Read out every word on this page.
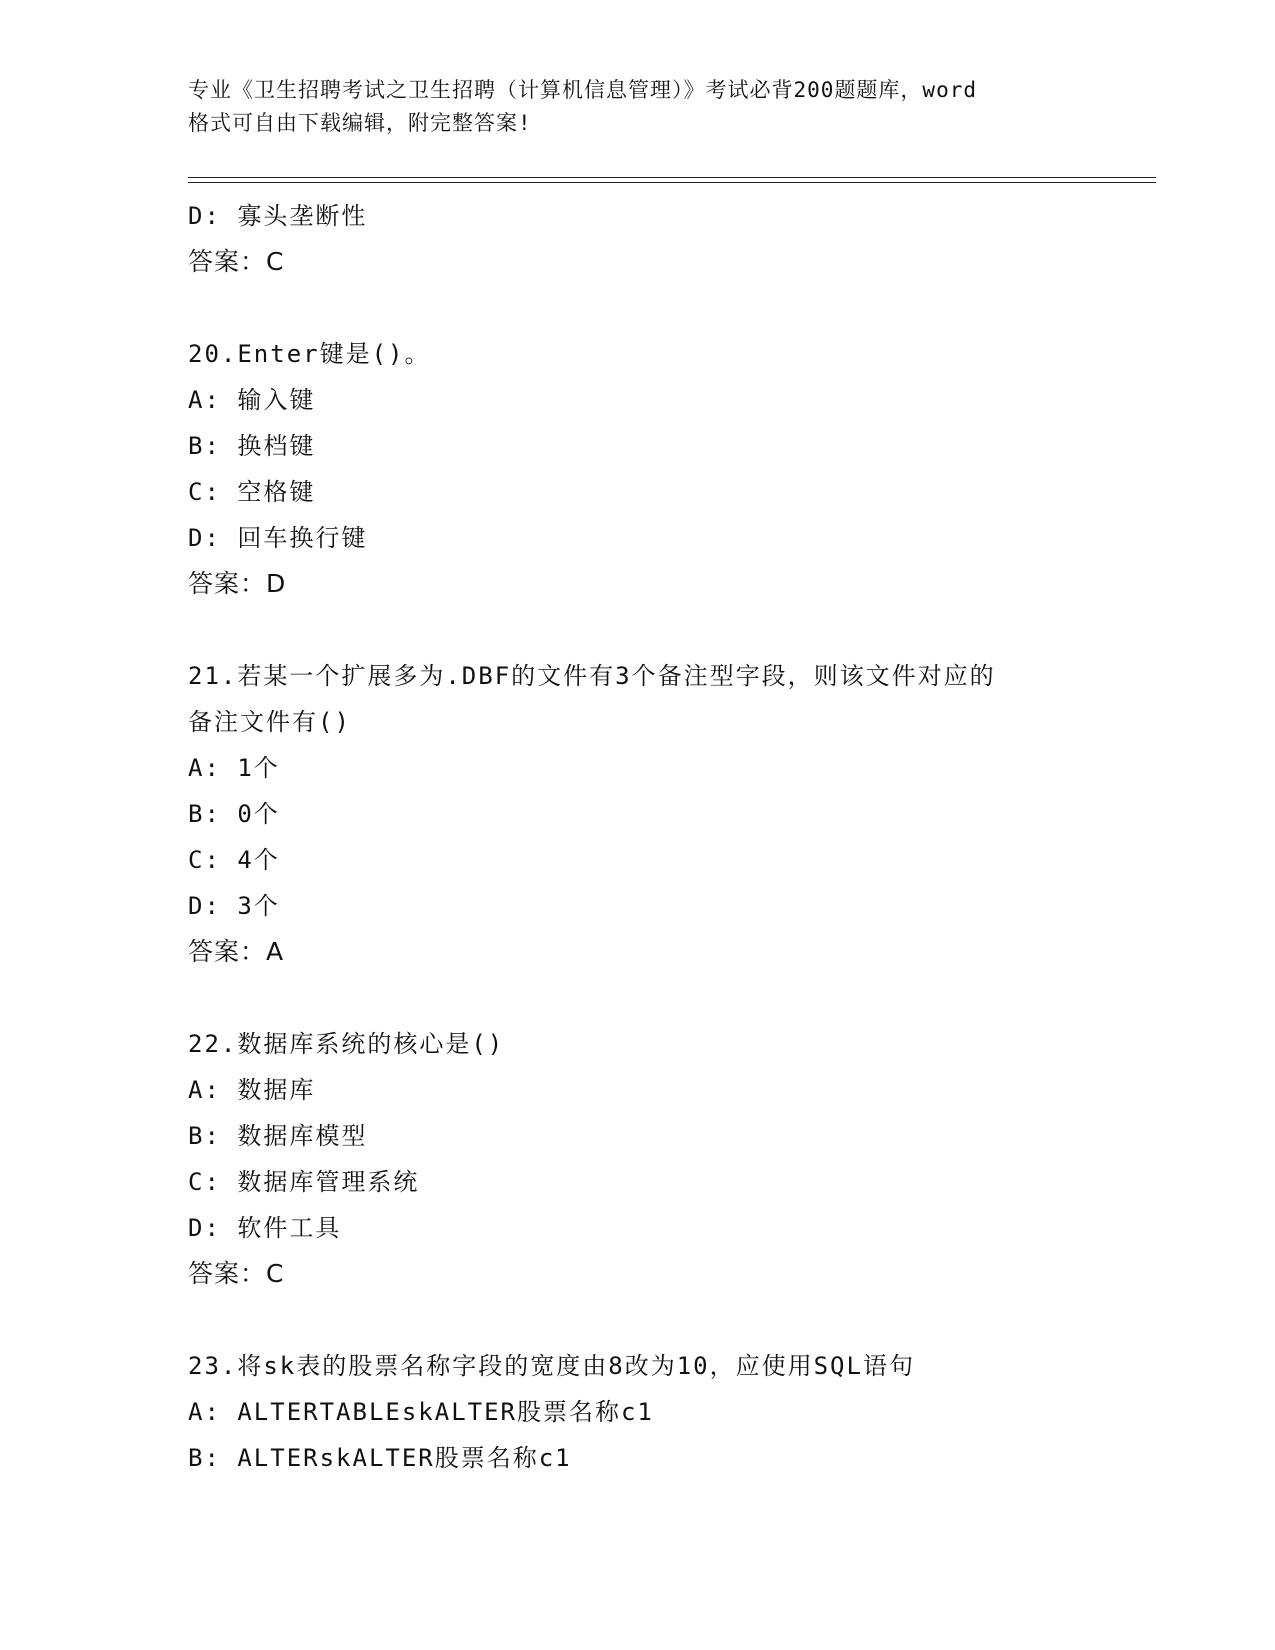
专业《卫生招聘考试之卫生招聘（计算机信息管理）》考试必背200题题库，word
格式可自由下载编辑，附完整答案!
D: 寡头垄断性
答案：C
20.Enter键是()。
A: 输入键
B: 换档键
C: 空格键
D: 回车换行键
答案：D
21.若某一个扩展多为.DBF的文件有3个备注型字段，则该文件对应的
备注文件有()
A: 1个
B: 0个
C: 4个
D: 3个
答案：A
22.数据库系统的核心是()
A: 数据库
B: 数据库模型
C: 数据库管理系统
D: 软件工具
答案：C
23.将sk表的股票名称字段的宽度由8改为10，应使用SQL语句
A: ALTERTABLEskALTER股票名称c1
B: ALTERskALTER股票名称c1
